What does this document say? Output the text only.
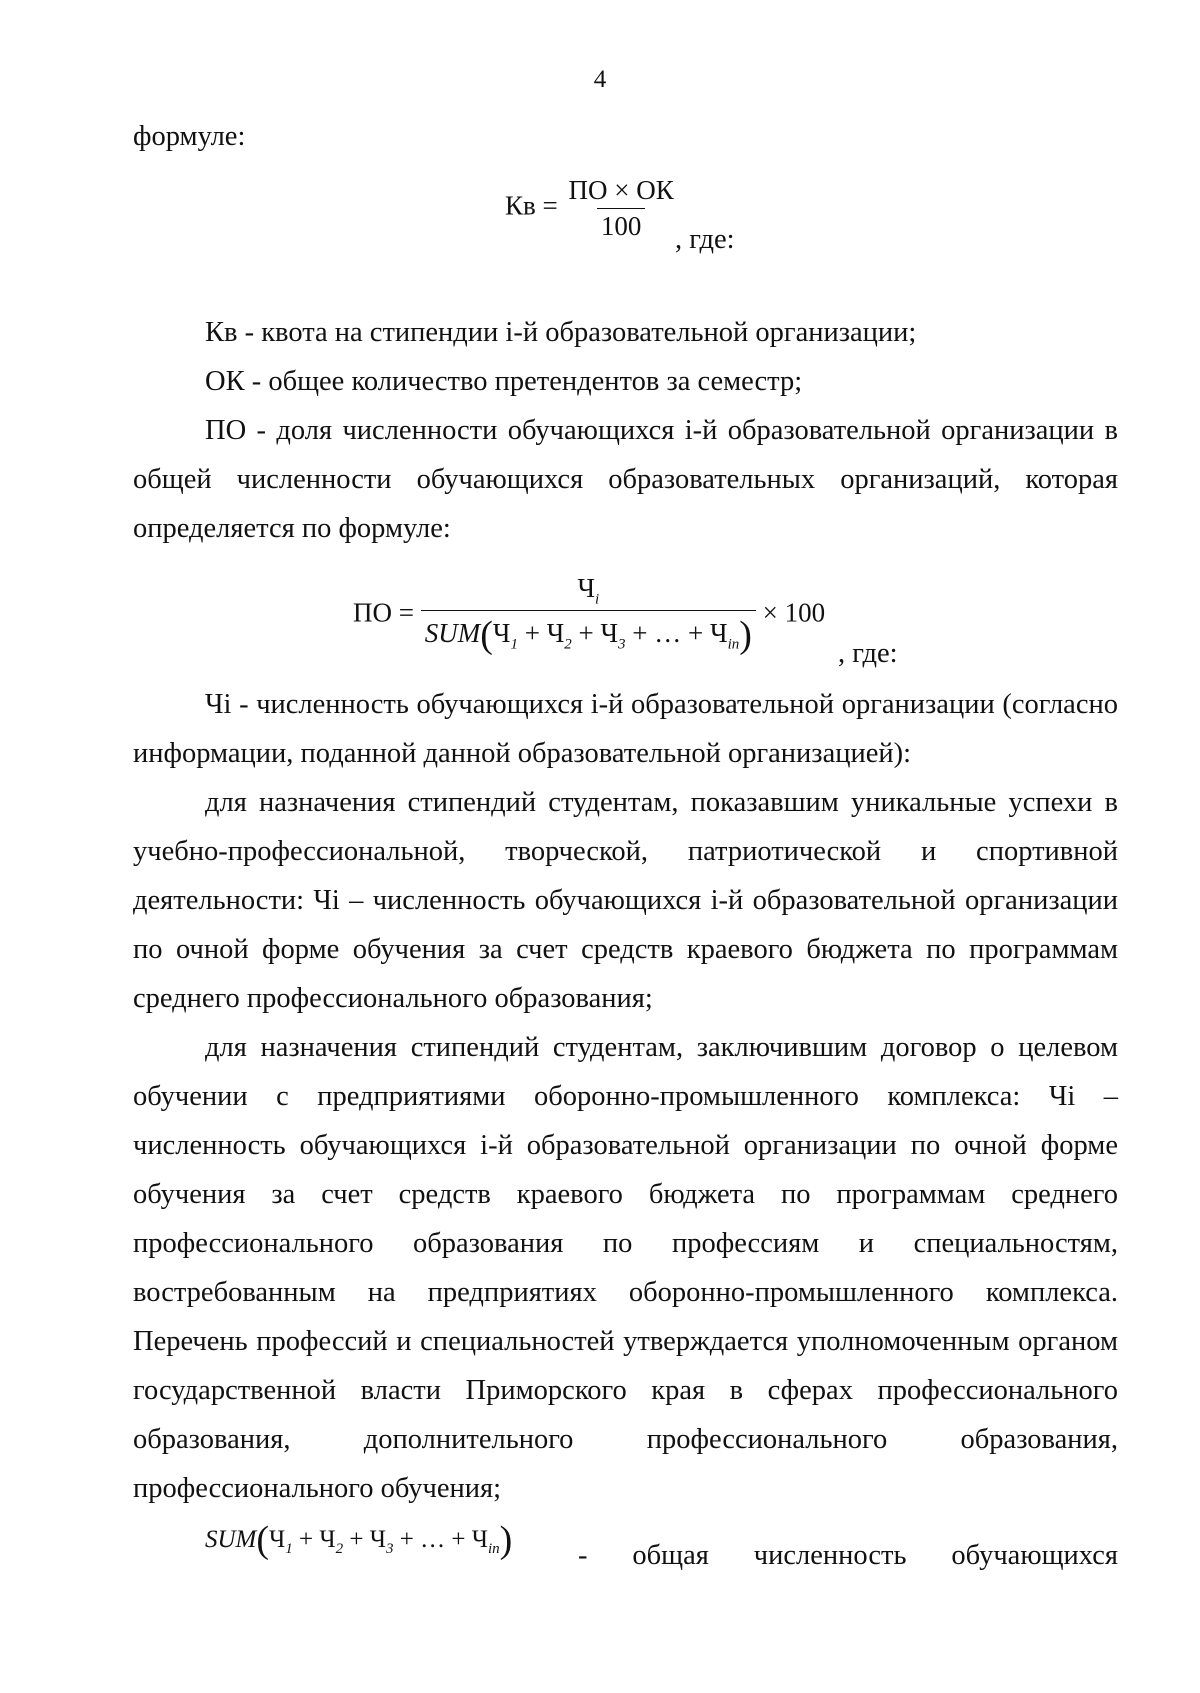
4
формуле:
Кв = $\frac{ПО \times ОК}{100}$
, где:
Кв - квота на стипендии i-й образовательной организации;
ОК - общее количество претендентов за семестр;
ПО - доля численности обучающихся i-й образовательной организации в общей численности обучающихся образовательных организаций, которая определяется по формуле:
ПО = $\frac{Ч_i}{SUM(Ч_1 + Ч_2 + Ч_3 + \dots + Ч_{in})} \times 100$
, где:
Чi - численность обучающихся i-й образовательной организации (согласно информации, поданной данной образовательной организацией):
для назначения стипендий студентам, показавшим уникальные успехи в учебно-профессиональной, творческой, патриотической и спортивной деятельности: Чi – численность обучающихся i-й образовательной организации по очной форме обучения за счет средств краевого бюджета по программам среднего профессионального образования;
для назначения стипендий студентам, заключившим договор о целевом обучении с предприятиями оборонно-промышленного комплекса: Чi – численность обучающихся i-й образовательной организации по очной форме обучения за счет средств краевого бюджета по программам среднего профессионального образования по профессиям и специальностям, востребованным на предприятиях оборонно-промышленного комплекса. Перечень профессий и специальностей утверждается уполномоченным органом государственной власти Приморского края в сферах профессионального образования, дополнительного профессионального образования, профессионального обучения;
$SUM(Ч_1 + Ч_2 + Ч_3$ + … + $Ч_{in}$) - общая численность обучающихся
